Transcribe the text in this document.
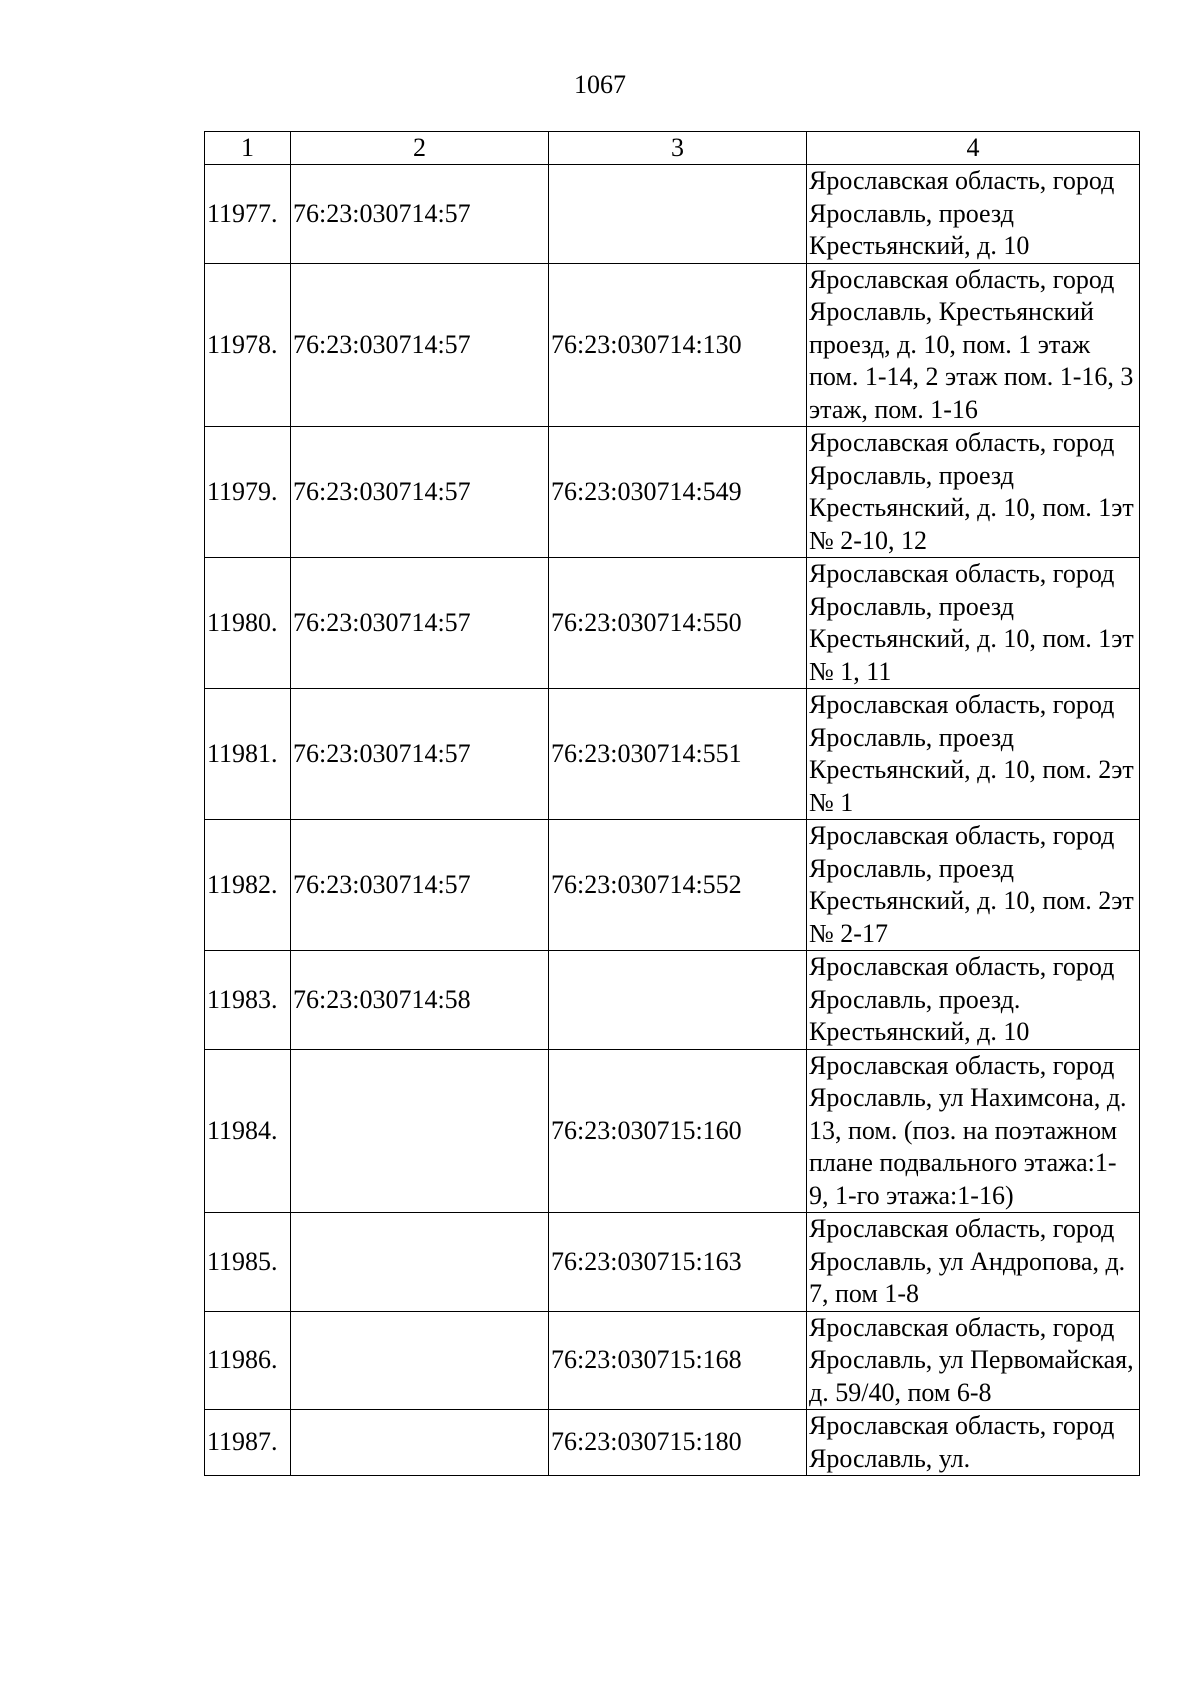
1067
1	2	3	4
11977.	76:23:030714:57		Ярославская область, город Ярославль, проезд Крестьянский, д. 10
11978.	76:23:030714:57	76:23:030714:130	Ярославская область, город Ярославль, Крестьянский проезд, д. 10, пом. 1 этаж пом. 1-14, 2 этаж пом. 1-16, 3 этаж, пом. 1-16
11979.	76:23:030714:57	76:23:030714:549	Ярославская область, город Ярославль, проезд Крестьянский, д. 10, пом. 1эт № 2-10, 12
11980.	76:23:030714:57	76:23:030714:550	Ярославская область, город Ярославль, проезд Крестьянский, д. 10, пом. 1эт № 1, 11
11981.	76:23:030714:57	76:23:030714:551	Ярославская область, город Ярославль, проезд Крестьянский, д. 10, пом. 2эт № 1
11982.	76:23:030714:57	76:23:030714:552	Ярославская область, город Ярославль, проезд Крестьянский, д. 10, пом. 2эт № 2-17
11983.	76:23:030714:58		Ярославская область, город Ярославль, проезд. Крестьянский, д. 10
11984.		76:23:030715:160	Ярославская область, город Ярославль, ул Нахимсона, д. 13, пом. (поз. на поэтажном плане подвального этажа:1-9, 1-го этажа:1-16)
11985.		76:23:030715:163	Ярославская область, город Ярославль, ул Андропова, д. 7, пом 1-8
11986.		76:23:030715:168	Ярославская область, город Ярославль, ул Первомайская, д. 59/40, пом 6-8
11987.		76:23:030715:180	Ярославская область, город Ярославль, ул.
